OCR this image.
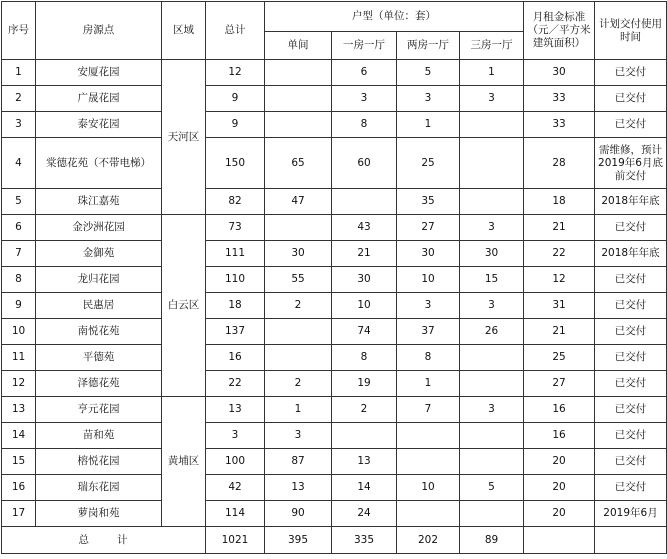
序号	房源点	区域	总计	户型（单位：套）				月租金标准（元／平方米建筑面积）	计划交付使用时间
				单间	一房一厅	两房一厅	三房一厅		
1	安厦花园	天河区	12		6	5	1	30	已交付
2	广晟花园		9		3	3	3	33	已交付
3	泰安花园		9		8	1		33	已交付
4	棠德花苑（不带电梯）		150	65	60	25		28	需维修，预计2019年6月底前交付
5	珠江嘉苑		82	47		35		18	2018年年底
6	金沙洲花园	白云区	73		43	27	3	21	已交付
7	金御苑		111	30	21	30	30	22	2018年年底
8	龙归花园		110	55	30	10	15	12	已交付
9	民惠居		18	2	10	3	3	31	已交付
10	南悦花苑		137		74	37	26	21	已交付
11	平德苑		16		8	8		25	已交付
12	泽德花苑		22	2	19	1		27	已交付
13	亨元花园	黄埔区	13	1	2	7	3	16	已交付
14	苗和苑		3	3				16	已交付
15	榕悦花园		100	87	13			20	已交付
16	瑞东花园		42	13	14	10	5	20	已交付
17	萝岗和苑		114	90	24			20	2019年6月
总计			1021	395	335	202	89		
